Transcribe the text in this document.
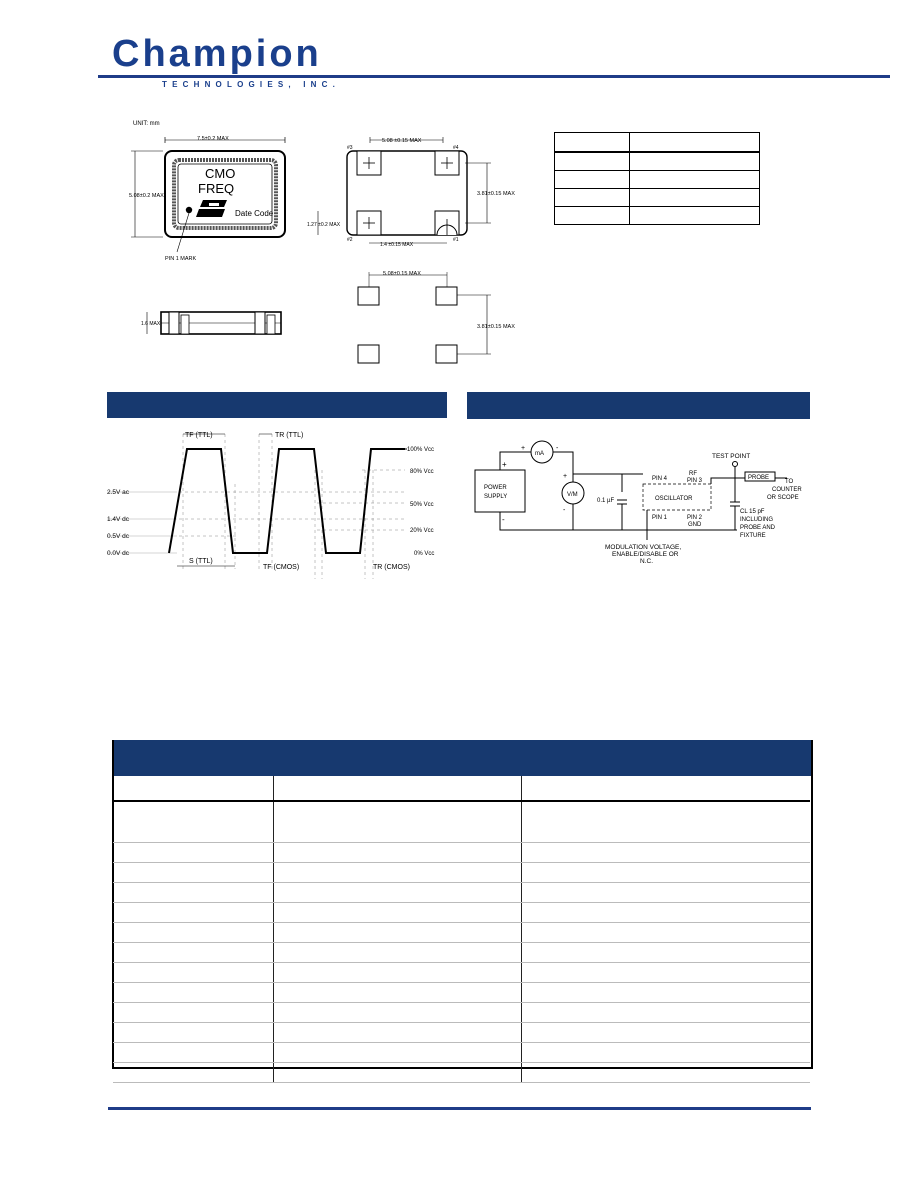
Champion
TECHNOLOGIES, INC.
UNIT: mm
7.5±0.2 MAX
5.08±0.2 MAX
CMO
FREQ
Date Code
PIN 1 MARK
1.6 MAX
5.08 ±0.15 MAX
#3	#4
#2	#1
3.81±0.15 MAX
1.27 ±0.2 MAX
1.4 ±0.15 MAX
5.08±0.15 MAX
3.81±0.15 MAX

TF (TTL)	TR (TTL)
2.5V ac
1.4V dc
0.5V dc
0.0V dc
100% Vcc
80% Vcc
50% Vcc
20% Vcc
0% Vcc
S (TTL)
TF (CMOS)	TR (CMOS)
POWER
SUPPLY
+
-
mA
+	-
V/M
+
-
0.1 µF
PIN 4
RF
PIN 3
OSCILLATOR
PIN 1	PIN 2
GND
TEST POINT
PROBE
TO
COUNTER
OR SCOPE
CL 15 pF
INCLUDING
PROBE AND
FIXTURE
MODULATION VOLTAGE,
ENABLE/DISABLE OR
N.C.
